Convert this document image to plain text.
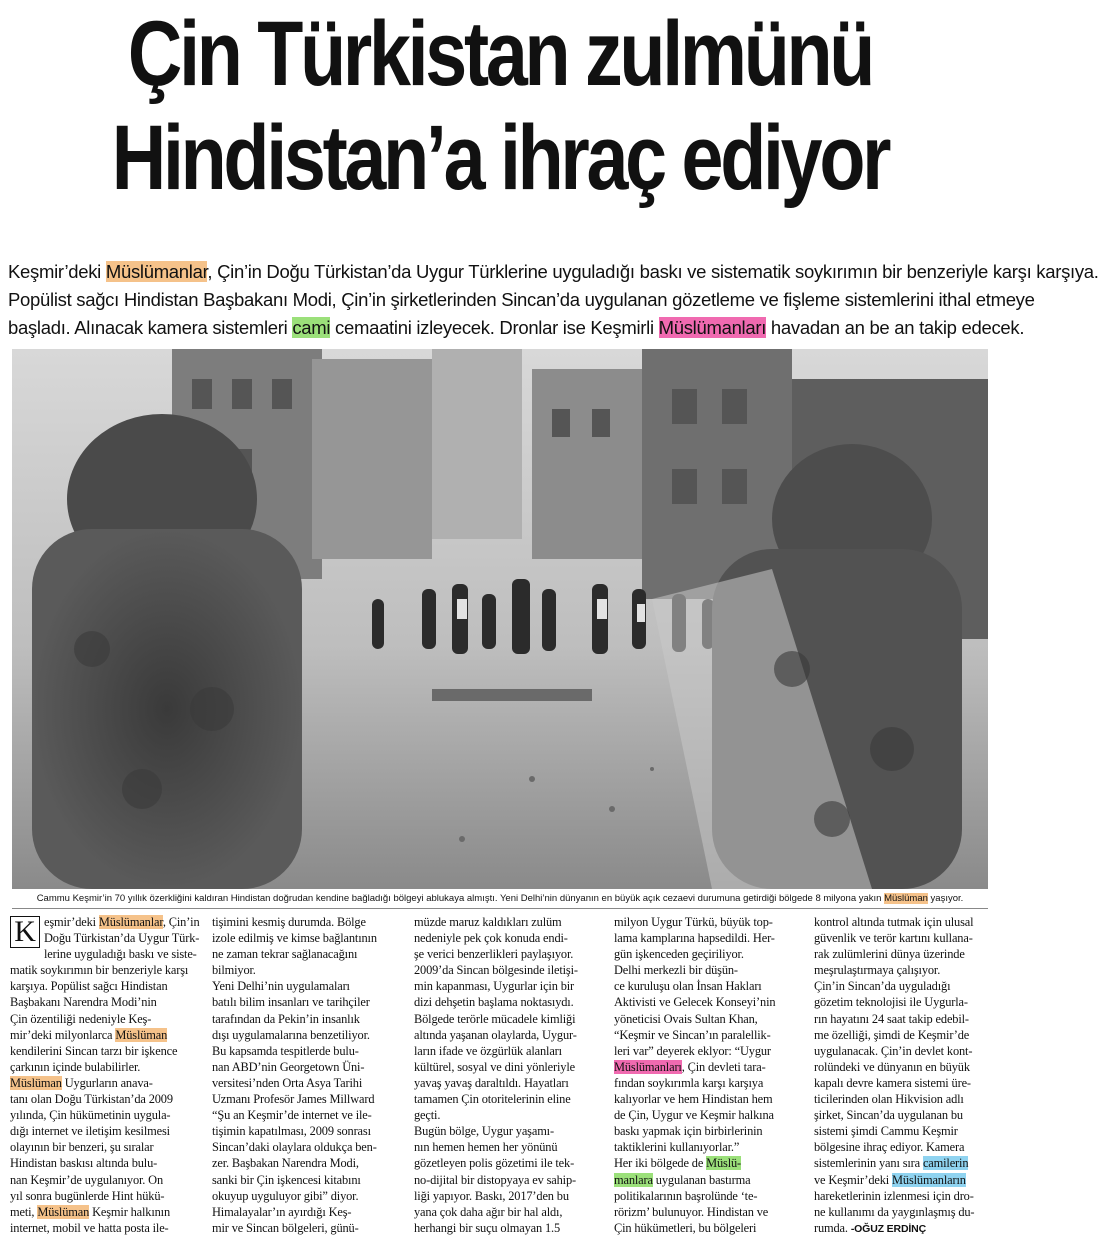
Çin Türkistan zulmünü
Hindistan’a ihraç ediyor
Keşmir’deki Müslümanlar, Çin’in Doğu Türkistan’da Uygur Türklerine uyguladığı baskı ve sistematik soykırımın bir benzeriyle karşı karşıya.
Popülist sağcı Hindistan Başbakanı Modi, Çin’in şirketlerinden Sincan’da uygulanan gözetleme ve fişleme sistemlerini ithal etmeye
başladı. Alınacak kamera sistemleri cami cemaatini izleyecek. Dronlar ise Keşmirli Müslümanları havadan an be an takip edecek.
Cammu Keşmir’in 70 yıllık özerkliğini kaldıran Hindistan doğrudan kendine bağladığı bölgeyi ablukaya almıştı. Yeni Delhi’nin dünyanın en büyük açık cezaevi durumuna getirdiği bölgede 8 milyona yakın Müslüman yaşıyor.
K eşmir’deki Müslümanlar, Çin’in
Doğu Türkistan’da Uygur Türk-
lerine uyguladığı baskı ve siste-
matik soykırımın bir benzeriyle karşı
karşıya. Popülist sağcı Hindistan
Başbakanı Narendra Modi’nin
Çin özentiliği nedeniyle Keş-
mir’deki milyonlarca Müslüman
kendilerini Sincan tarzı bir işkence
çarkının içinde bulabilirler.
Müslüman Uygurların anava-
tanı olan Doğu Türkistan’da 2009
yılında, Çin hükümetinin uygula-
dığı internet ve iletişim kesilmesi
olayının bir benzeri, şu sıralar
Hindistan baskısı altında bulu-
nan Keşmir’de uygulanıyor. On
yıl sonra bugünlerde Hint hükü-
meti, Müslüman Keşmir halkının
internet, mobil ve hatta posta ile-
tişimini kesmiş durumda. Bölge
izole edilmiş ve kimse bağlantının
ne zaman tekrar sağlanacağını
bilmiyor.
Yeni Delhi’nin uygulamaları
batılı bilim insanları ve tarihçiler
tarafından da Pekin’in insanlık
dışı uygulamalarına benzetiliyor.
Bu kapsamda tespitlerde bulu-
nan ABD’nin Georgetown Üni-
versitesi’nden Orta Asya Tarihi
Uzmanı Profesör James Millward
“Şu an Keşmir’de internet ve ile-
tişimin kapatılması, 2009 sonrası
Sincan’daki olaylara oldukça ben-
zer. Başbakan Narendra Modi,
sanki bir Çin işkencesi kitabını
okuyup uyguluyor gibi” diyor.
Himalayalar’ın ayırdığı Keş-
mir ve Sincan bölgeleri, günü-
müzde maruz kaldıkları zulüm
nedeniyle pek çok konuda endi-
şe verici benzerlikleri paylaşıyor.
2009’da Sincan bölgesinde iletişi-
min kapanması, Uygurlar için bir
dizi dehşetin başlama noktasıydı.
Bölgede terörle mücadele kimliği
altında yaşanan olaylarda, Uygur-
ların ifade ve özgürlük alanları
kültürel, sosyal ve dini yönleriyle
yavaş yavaş daraltıldı. Hayatları
tamamen Çin otoritelerinin eline
geçti.
Bugün bölge, Uygur yaşamı-
nın hemen hemen her yönünü
gözetleyen polis gözetimi ile tek-
no-dijital bir distopyaya ev sahip-
liği yapıyor. Baskı, 2017’den bu
yana çok daha ağır bir hal aldı,
herhangi bir suçu olmayan 1.5
milyon Uygur Türkü, büyük top-
lama kamplarına hapsedildi. Her-
gün işkenceden geçiriliyor.
Delhi merkezli bir düşün-
ce kuruluşu olan İnsan Hakları
Aktivisti ve Gelecek Konseyi’nin
yöneticisi Ovais Sultan Khan,
“Keşmir ve Sincan’ın paralellik-
leri var” deyerek eklyor: “Uygur
Müslümanları, Çin devleti tara-
fından soykırımla karşı karşıya
kalıyorlar ve hem Hindistan hem
de Çin, Uygur ve Keşmir halkına
baskı yapmak için birbirlerinin
taktiklerini kullanıyorlar.”
Her iki bölgede de Müslü-
manlara uygulanan bastırma
politikalarının başrolünde ‘te-
rörizm’ bulunuyor. Hindistan ve
Çin hükümetleri, bu bölgeleri
kontrol altında tutmak için ulusal
güvenlik ve terör kartını kullana-
rak zulümlerini dünya üzerinde
meşrulaştırmaya çalışıyor.
Çin’in Sincan’da uyguladığı
gözetim teknolojisi ile Uygurla-
rın hayatını 24 saat takip edebil-
me özelliği, şimdi de Keşmir’de
uygulanacak. Çin’in devlet kont-
rolündeki ve dünyanın en büyük
kapalı devre kamera sistemi üre-
ticilerinden olan Hikvision adlı
şirket, Sincan’da uygulanan bu
sistemi şimdi Cammu Keşmir
bölgesine ihraç ediyor. Kamera
sistemlerinin yanı sıra camilerin
ve Keşmir’deki Müslümanların
hareketlerinin izlenmesi için dro-
ne kullanımı da yaygınlaşmış du-
rumda. -OĞUZ ERDİNÇ
